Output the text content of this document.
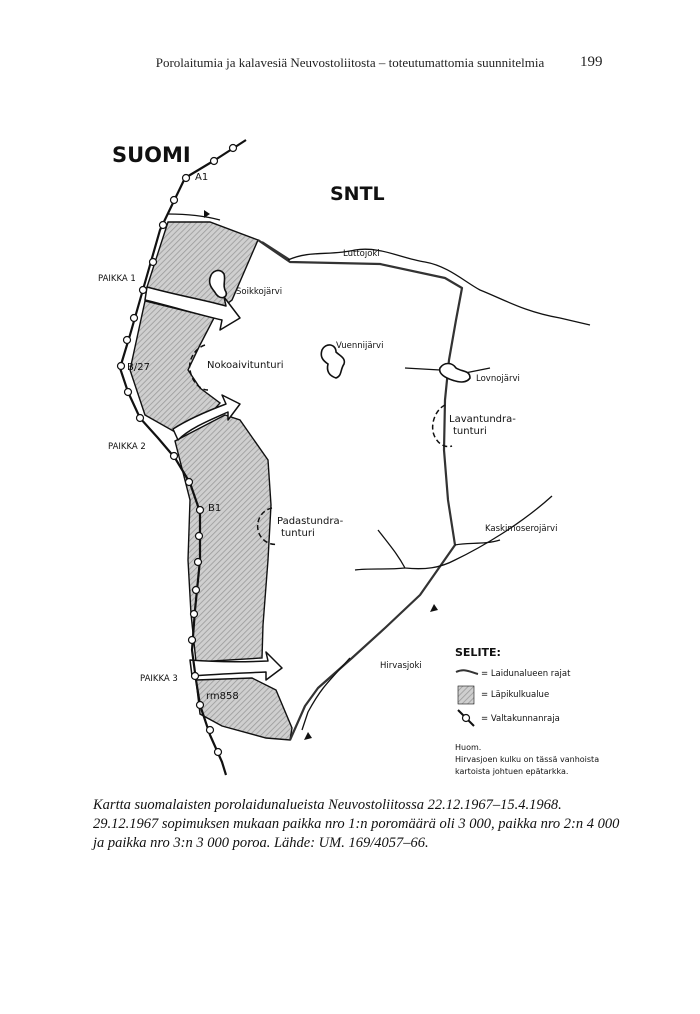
Porolaitumia ja kalavesiä Neuvostoliitosta – toteutumattomia suunnitelmia	199
SUOMI
SNTL
A1
B/27
B1
rm858
PAIKKA 1
PAIKKA 2
PAIKKA 3
Luttojoki
Soikkojärvi
Vuennijärvi
Lovnojärvi
Nokoaivitunturi
Lavantundra-
tunturi
Padastundra-
tunturi	Kaskimoserojärvi
Hirvasjoki
SELITE:
= Laidunalueen rajat
= Läpikulkualue
= Valtakunnanraja
Huom.
Hirvasjoen kulku on tässä vanhoista
kartoista johtuen epätarkka.
Kartta suomalaisten porolaidunalueista Neuvostoliitossa 22.12.1967–15.4.1968.
29.12.1967 sopimuksen mukaan paikka nro 1:n poromäärä oli 3 000, paikka nro 2:n 4 000
ja paikka nro 3:n 3 000 poroa. Lähde: UM. 169/4057–66.
